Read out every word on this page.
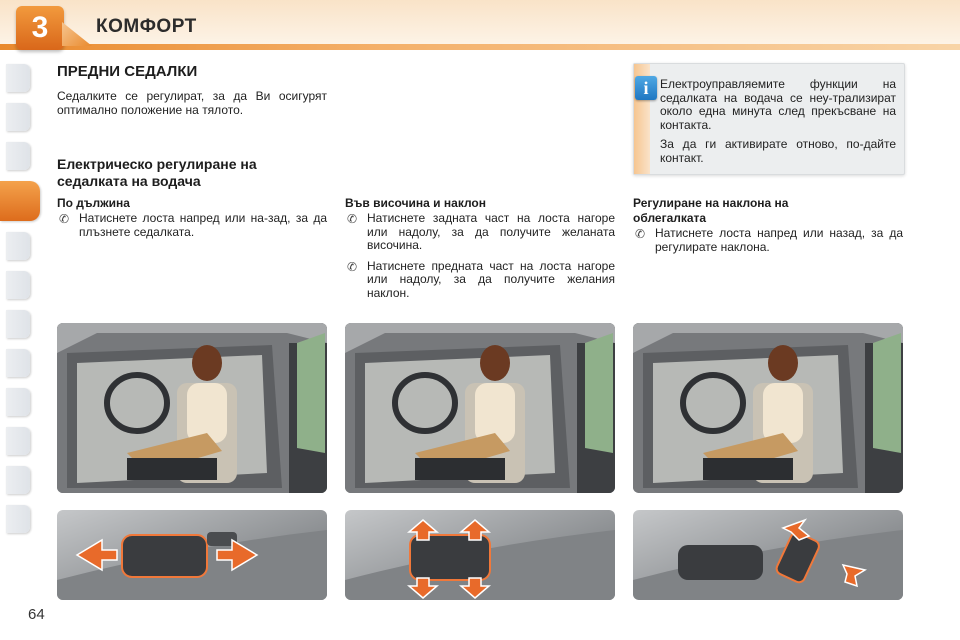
3	КОМФОРТ
ПРЕДНИ СЕДАЛКИ
Седалките се регулират, за да Ви осигурят оптимално положение на тялото.
i Електроуправляемите функции на седалката на водача се неу-трализират около една минута след прекъсване на контакта.
За да ги активирате отново, по-дайте контакт.
Електрическо регулиране на седалката на водача
По дължина
✆ Натиснете лоста напред или на-зад, за да плъзнете седалката.
Във височина и наклон
✆ Натиснете задната част на лоста нагоре или надолу, за да получите желаната височина.
✆ Натиснете предната част на лоста нагоре или надолу, за да получите желания наклон.
Регулиране на наклона на облегалката
✆ Натиснете лоста напред или назад, за да регулирате наклона.
64
